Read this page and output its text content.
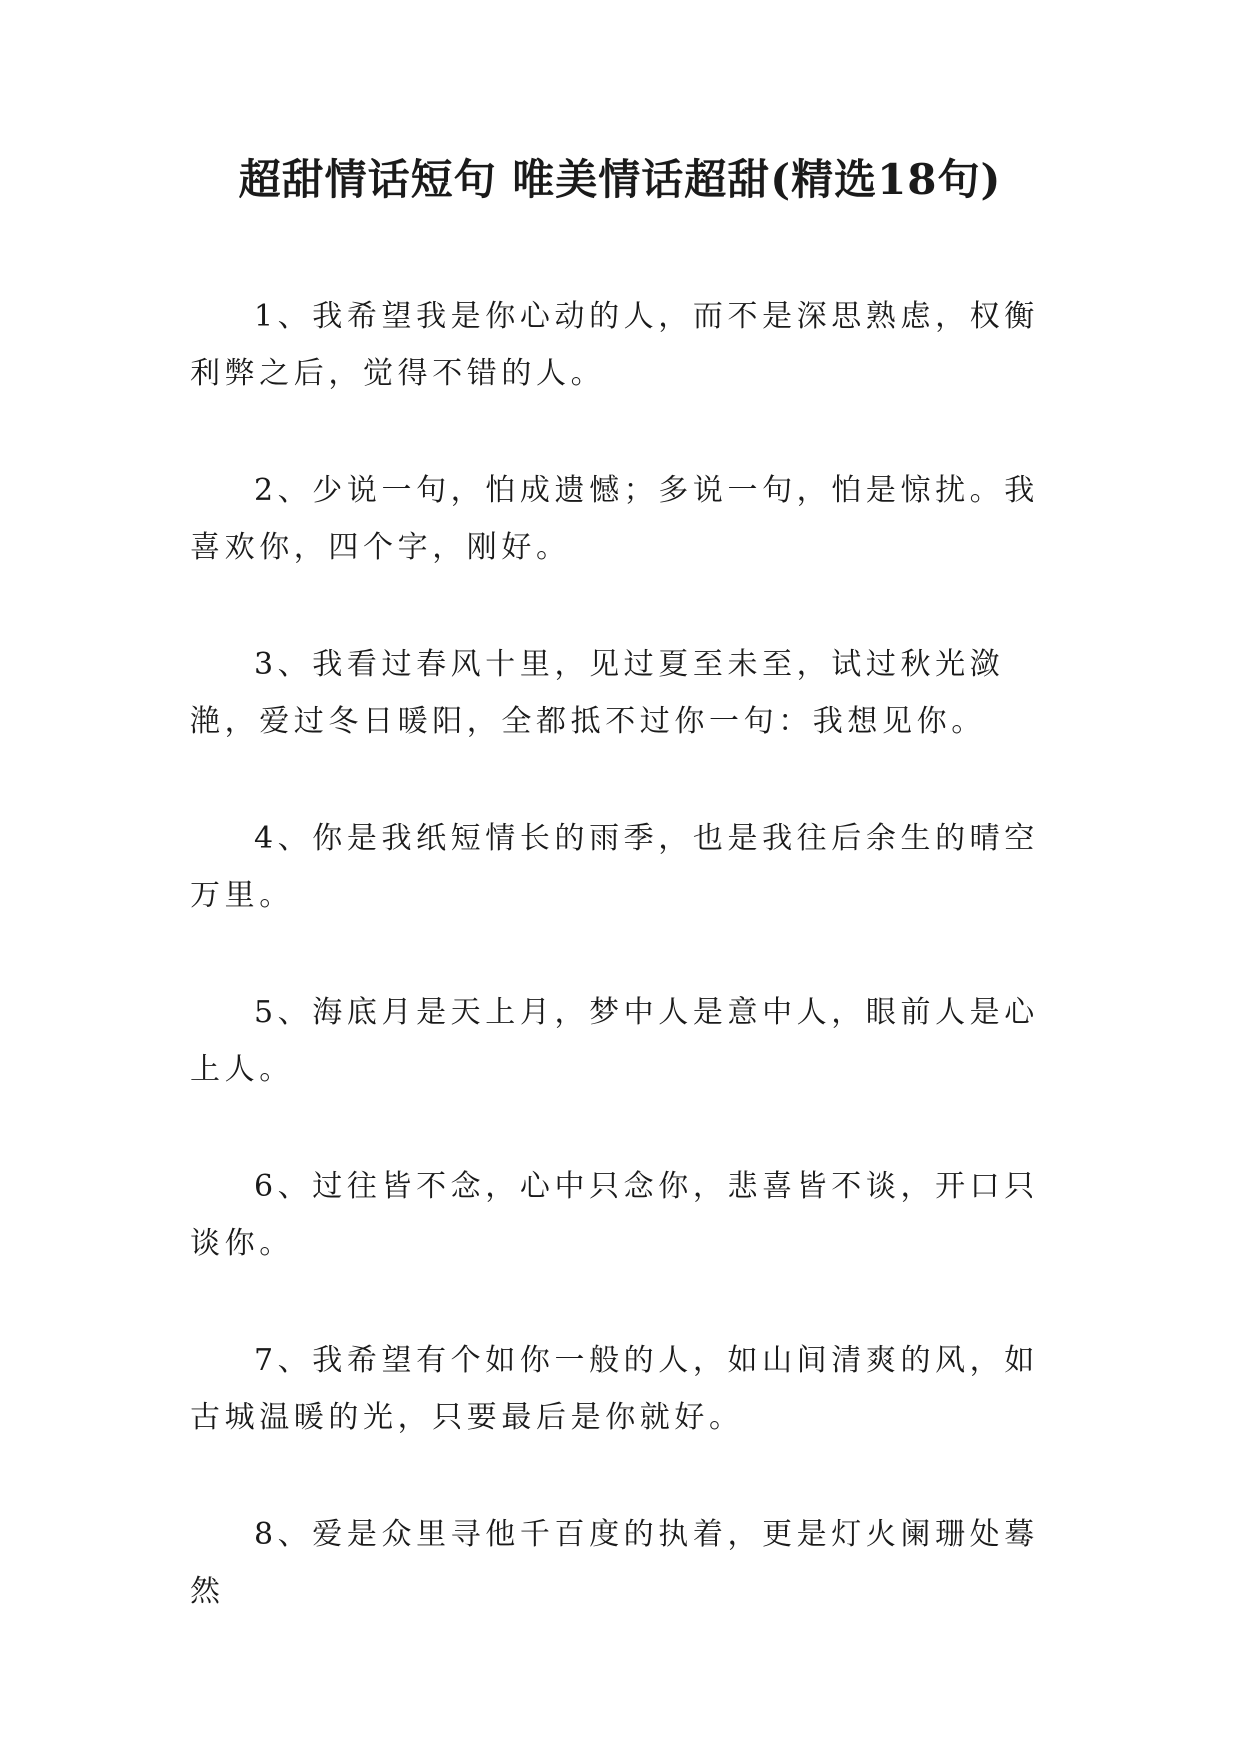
超甜情话短句 唯美情话超甜(精选18句)

1、我希望我是你心动的人，而不是深思熟虑，权衡利弊之后，觉得不错的人。

2、少说一句，怕成遗憾；多说一句，怕是惊扰。我喜欢你，四个字，刚好。

3、我看过春风十里，见过夏至未至，试过秋光潋滟，爱过冬日暖阳，全都抵不过你一句：我想见你。

4、你是我纸短情长的雨季，也是我往后余生的晴空万里。

5、海底月是天上月，梦中人是意中人，眼前人是心上人。

6、过往皆不念，心中只念你，悲喜皆不谈，开口只谈你。

7、我希望有个如你一般的人，如山间清爽的风，如古城温暖的光，只要最后是你就好。

8、爱是众里寻他千百度的执着，更是灯火阑珊处蓦然
